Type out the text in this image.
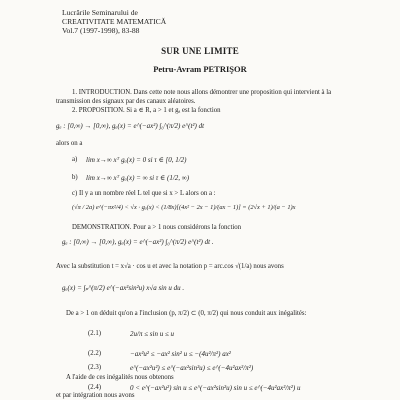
Lucrările Seminarului de
CREATIVITATE MATEMATICĂ
Vol.7 (1997-1998), 83-88
SUR UNE LIMITE
Petru-Avram PETRIŞOR
1. INTRODUCTION. Dans cette note nous allons démontrer une proposition qui intervient à la
transmission des signaux par des canaux aléatoires.
2. PROPOSITION. Si a ∈ R, a > 1 et gₐ est la fonction
gₐ : [0,∞) → [0,∞), gₐ(x) = e^(−ax²) ∫₀^(π/2) e^(t²) dt
alors on a
a) lim x→∞ xᵀ gₐ(x) = 0 si τ ∈ [0, 1/2)
b) lim x→∞ xᵀ gₐ(x) = ∞ si τ ∈ (1/2, ∞)
c) Il y a un nombre réel L tel que si x > L alors on a :
(√π / 2a) e^(−πx²/4) < √x · gₐ(x) < (1/8x)[(4x² − 2x − 1)/(ax − 1)] = (2√x + 1)/(a − 1)x
DEMONSTRATION. Pour a > 1 nous considérons la fonction
gₐ : [0,∞) → [0,∞), gₐ(x) = e^(−ax²) ∫₀^(π/2) e^(t²) dt .
Avec la substitution t = x√a · cos u et avec la notation p = arc.cos √(1/a) nous avons
gₐ(x) = ∫ₚ^(π/2) e^(−ax²sin²u) x√a sin u du .
De a > 1 on déduit qu'on a l'inclusion (p, π/2) ⊂ (0, π/2) qui nous conduit aux inégalités:
(2.1)	2u/π ≤ sin u ≤ u
(2.2)	−ax²u² ≤ −ax² sin² u ≤ −(4u²/π²) ax²
(2.3)	e^(−ax²u²) ≤ e^(−ax²sin²u) ≤ e^(−4u²ax²/π²)
A l'aide de ces inégalités nous obtenons
(2.4)	0 < e^(−ax²u²) sin u ≤ e^(−ax²sin²u) sin u ≤ e^(−4u²ax²/π²) u
et par intégration nous avons
